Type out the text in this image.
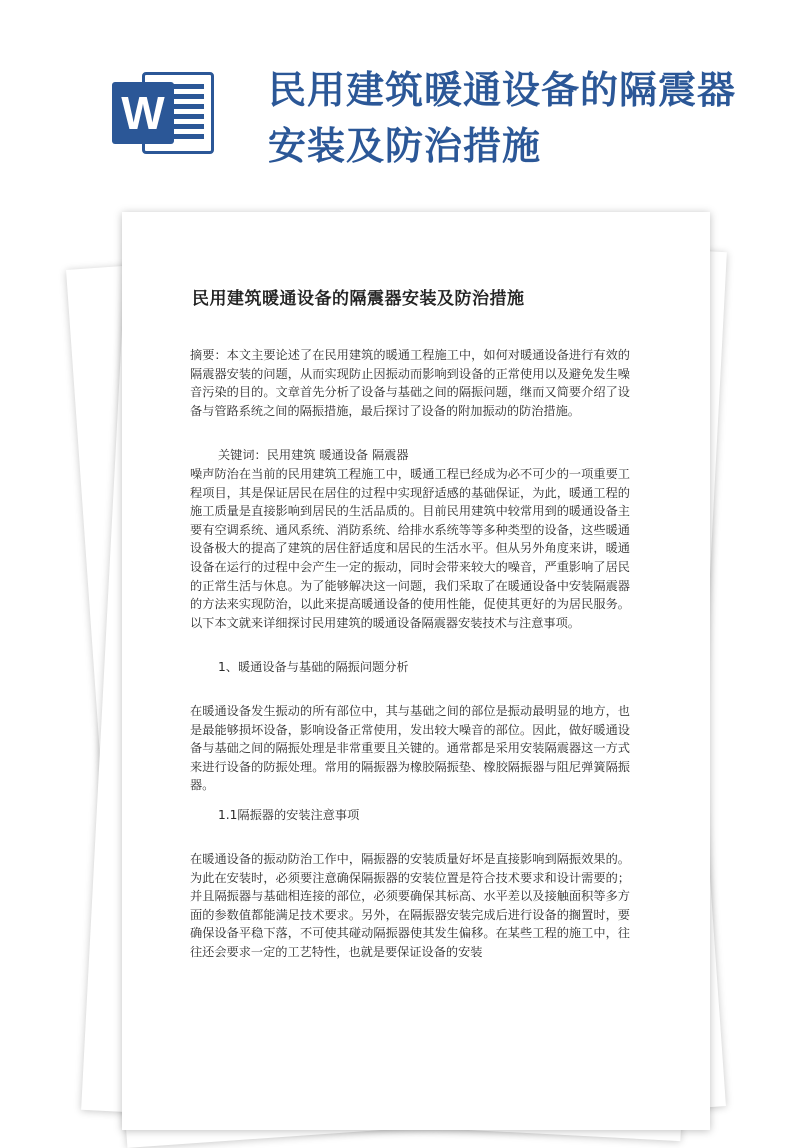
W	民用建筑暖通设备的隔震器安装及防治措施
民用建筑暖通设备的隔震器安装及防治措施
摘要：本文主要论述了在民用建筑的暖通工程施工中，如何对暖通设备进行有效的隔震器安装的问题，从而实现防止因振动而影响到设备的正常使用以及避免发生噪音污染的目的。文章首先分析了设备与基础之间的隔振问题，继而又简要介绍了设备与管路系统之间的隔振措施，最后探讨了设备的附加振动的防治措施。
关键词：民用建筑 暖通设备 隔震器
噪声防治在当前的民用建筑工程施工中，暖通工程已经成为必不可少的一项重要工程项目，其是保证居民在居住的过程中实现舒适感的基础保证，为此，暖通工程的施工质量是直接影响到居民的生活品质的。目前民用建筑中较常用到的暖通设备主要有空调系统、通风系统、消防系统、给排水系统等等多种类型的设备，这些暖通设备极大的提高了建筑的居住舒适度和居民的生活水平。但从另外角度来讲，暖通设备在运行的过程中会产生一定的振动，同时会带来较大的噪音，严重影响了居民的正常生活与休息。为了能够解决这一问题，我们采取了在暖通设备中安装隔震器的方法来实现防治，以此来提高暖通设备的使用性能，促使其更好的为居民服务。以下本文就来详细探讨民用建筑的暖通设备隔震器安装技术与注意事项。
1、暖通设备与基础的隔振问题分析
在暖通设备发生振动的所有部位中，其与基础之间的部位是振动最明显的地方，也是最能够损坏设备，影响设备正常使用，发出较大噪音的部位。因此，做好暖通设备与基础之间的隔振处理是非常重要且关键的。通常都是采用安装隔震器这一方式来进行设备的防振处理。常用的隔振器为橡胶隔振垫、橡胶隔振器与阻尼弹簧隔振器。
1.1隔振器的安装注意事项
在暖通设备的振动防治工作中，隔振器的安装质量好坏是直接影响到隔振效果的。为此在安装时，必须要注意确保隔振器的安装位置是符合技术要求和设计需要的；并且隔振器与基础相连接的部位，必须要确保其标高、水平差以及接触面积等多方面的参数值都能满足技术要求。另外，在隔振器安装完成后进行设备的搁置时，要确保设备平稳下落，不可使其碰动隔振器使其发生偏移。在某些工程的施工中，往往还会要求一定的工艺特性，也就是要保证设备的安装
